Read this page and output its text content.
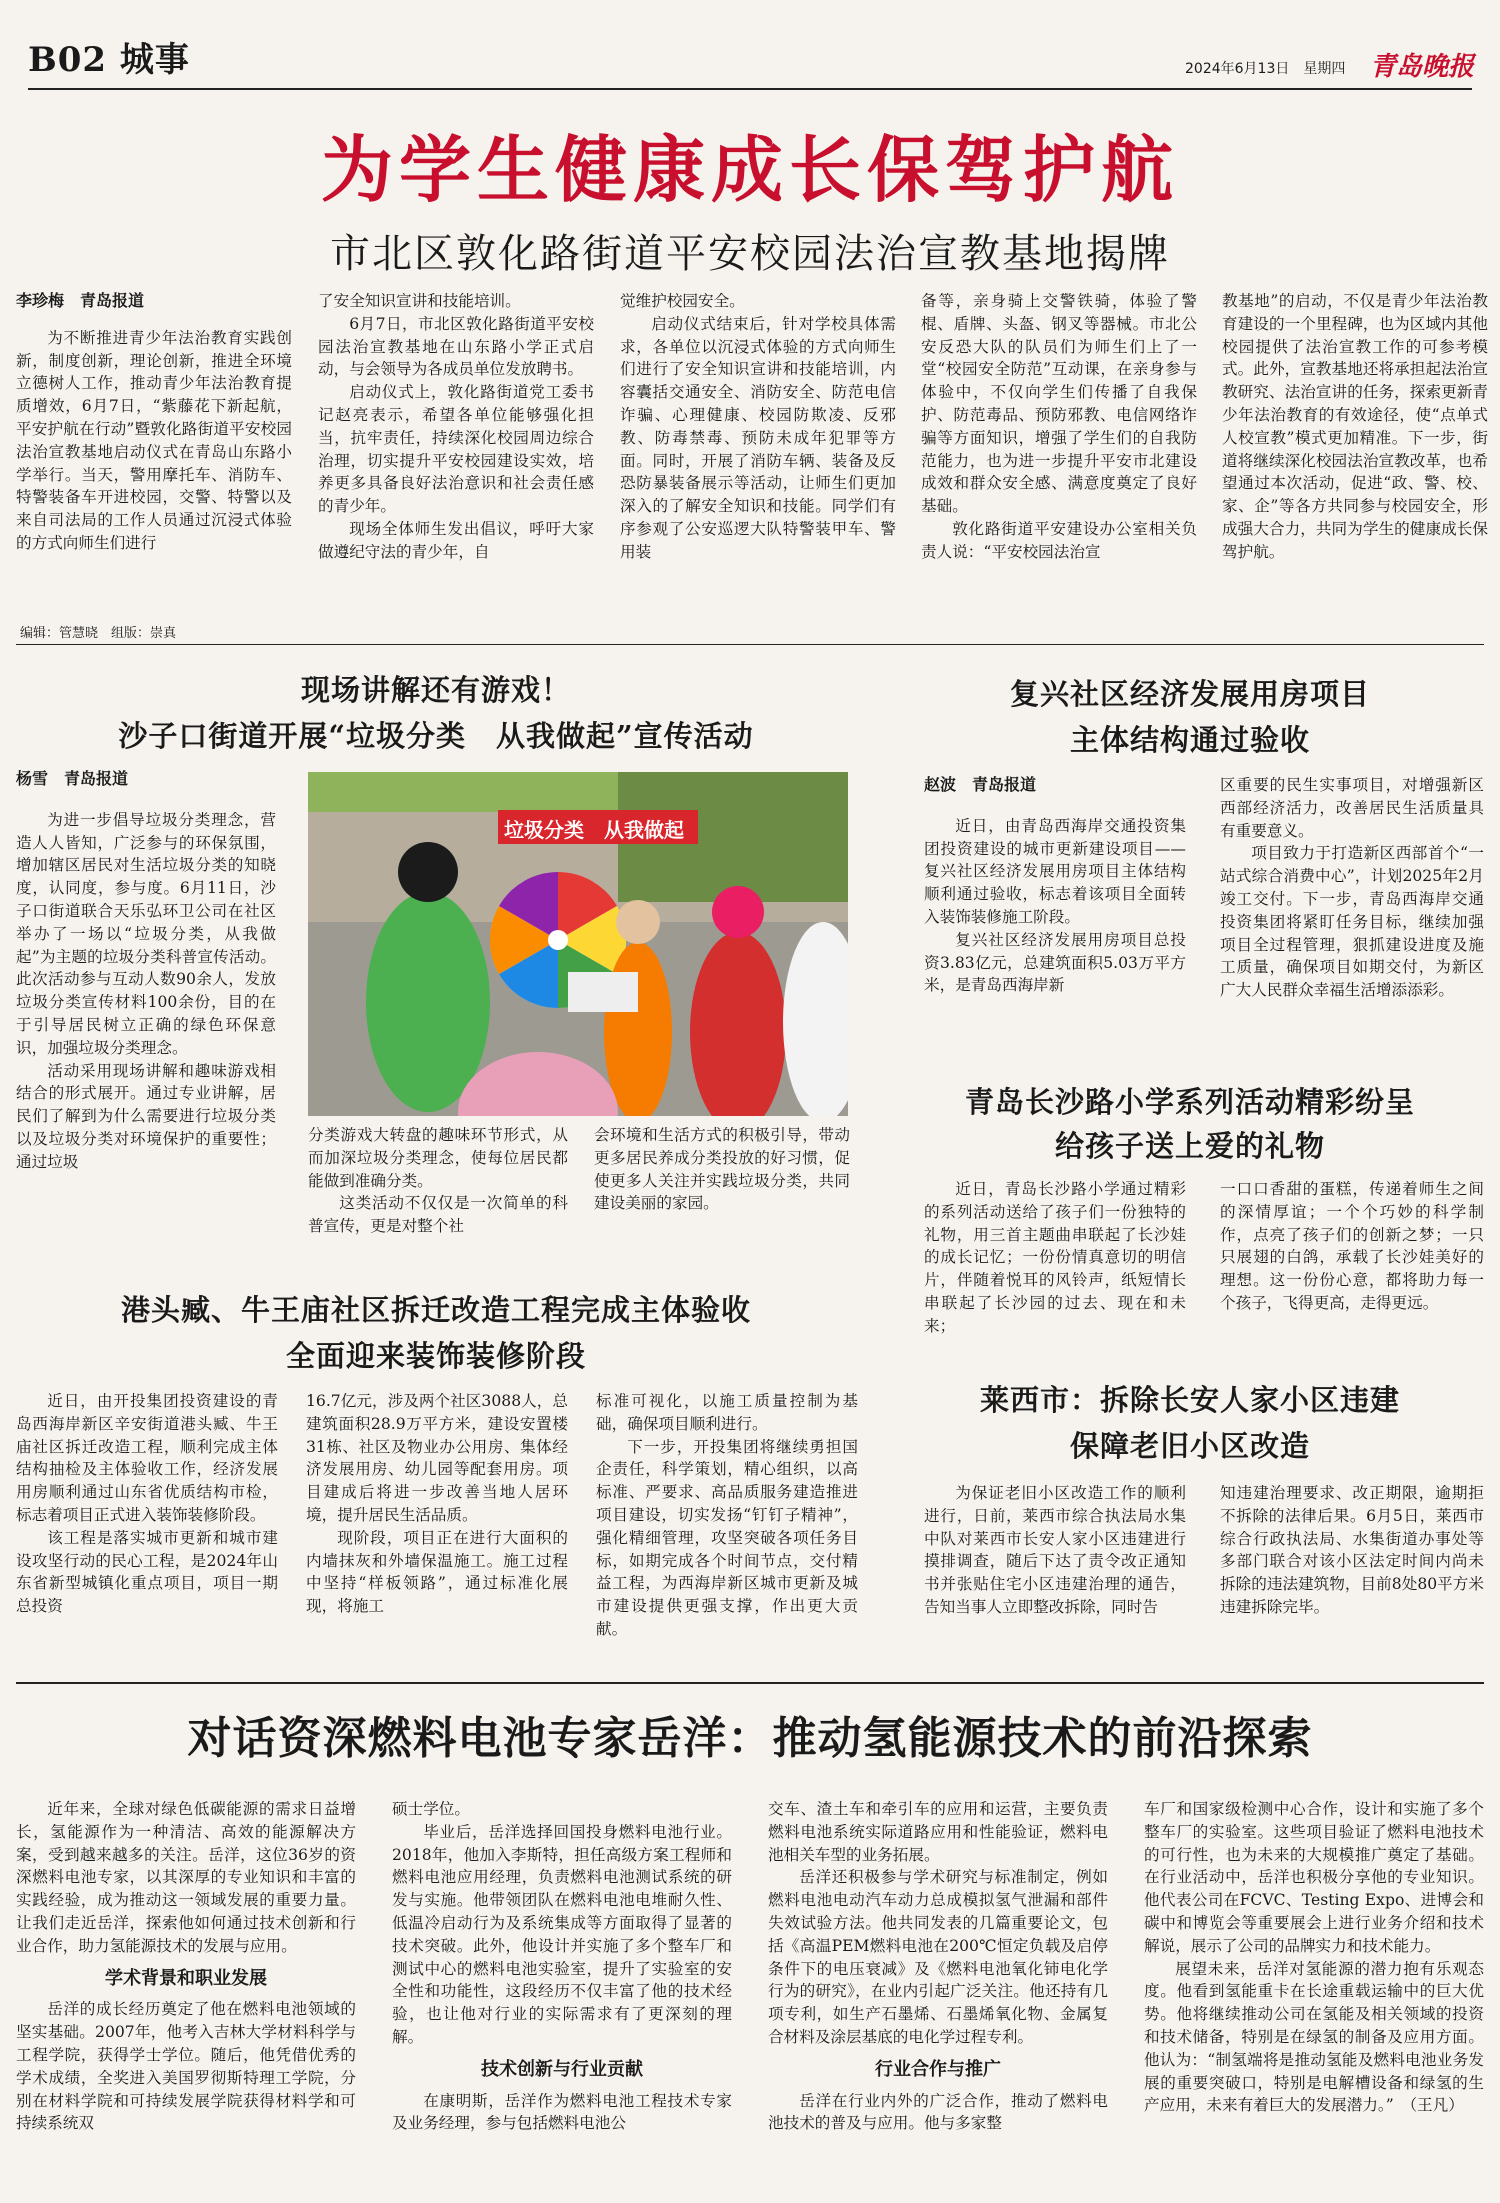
B02 城事	2024年6月13日　星期四 青岛晚报
为学生健康成长保驾护航
市北区敦化路街道平安校园法治宣教基地揭牌

李珍梅　青岛报道

为不断推进青少年法治教育实践创新，制度创新，理论创新，推进全环境立德树人工作，推动青少年法治教育提质增效，6月7日，“紫藤花下新起航，平安护航在行动”暨敦化路街道平安校园法治宣教基地启动仪式在青岛山东路小学举行。当天，警用摩托车、消防车、特警装备车开进校园，交警、特警以及来自司法局的工作人员通过沉浸式体验的方式向师生们进行

了安全知识宣讲和技能培训。

6月7日，市北区敦化路街道平安校园法治宣教基地在山东路小学正式启动，与会领导为各成员单位发放聘书。

启动仪式上，敦化路街道党工委书记赵亮表示，希望各单位能够强化担当，抗牢责任，持续深化校园周边综合治理，切实提升平安校园建设实效，培养更多具备良好法治意识和社会责任感的青少年。

现场全体师生发出倡议，呼吁大家做遵纪守法的青少年，自

觉维护校园安全。

启动仪式结束后，针对学校具体需求，各单位以沉浸式体验的方式向师生们进行了安全知识宣讲和技能培训，内容囊括交通安全、消防安全、防范电信诈骗、心理健康、校园防欺凌、反邪教、防毒禁毒、预防未成年犯罪等方面。同时，开展了消防车辆、装备及反恐防暴装备展示等活动，让师生们更加深入的了解安全知识和技能。同学们有序参观了公安巡逻大队特警装甲车、警用装

备等，亲身骑上交警铁骑，体验了警棍、盾牌、头盔、钢叉等器械。市北公安反恐大队的队员们为师生们上了一堂“校园安全防范”互动课，在亲身参与体验中，不仅向学生们传播了自我保护、防范毒品、预防邪教、电信网络诈骗等方面知识，增强了学生们的自我防范能力，也为进一步提升平安市北建设成效和群众安全感、满意度奠定了良好基础。

敦化路街道平安建设办公室相关负责人说：“平安校园法治宣

教基地”的启动，不仅是青少年法治教育建设的一个里程碑，也为区域内其他校园提供了法治宣教工作的可参考模式。此外，宣教基地还将承担起法治宣教研究、法治宣讲的任务，探索更新青少年法治教育的有效途径，使“点单式人校宣教”模式更加精准。下一步，街道将继续深化校园法治宣教改革，也希望通过本次活动，促进“政、警、校、家、企”等各方共同参与校园安全，形成强大合力，共同为学生的健康成长保驾护航。

编辑：管慧晓　组版：崇真
现场讲解还有游戏！
沙子口街道开展“垃圾分类　从我做起”宣传活动

杨雪　青岛报道

为进一步倡导垃圾分类理念，营造人人皆知，广泛参与的环保氛围，增加辖区居民对生活垃圾分类的知晓度，认同度，参与度。6月11日，沙子口街道联合天乐弘环卫公司在社区举办了一场以“垃圾分类，从我做起”为主题的垃圾分类科普宣传活动。此次活动参与互动人数90余人，发放垃圾分类宣传材料100余份，目的在于引导居民树立正确的绿色环保意识，加强垃圾分类理念。

活动采用现场讲解和趣味游戏相结合的形式展开。通过专业讲解，居民们了解到为什么需要进行垃圾分类以及垃圾分类对环境保护的重要性；通过垃圾

垃圾分类　从我做起

分类游戏大转盘的趣味环节形式，从而加深垃圾分类理念，使每位居民都能做到准确分类。

这类活动不仅仅是一次简单的科普宣传，更是对整个社

会环境和生活方式的积极引导，带动更多居民养成分类投放的好习惯，促使更多人关注并实践垃圾分类，共同建设美丽的家园。

复兴社区经济发展用房项目
主体结构通过验收

赵波　青岛报道

近日，由青岛西海岸交通投资集团投资建设的城市更新建设项目——复兴社区经济发展用房项目主体结构顺利通过验收，标志着该项目全面转入装饰装修施工阶段。

复兴社区经济发展用房项目总投资3.83亿元，总建筑面积5.03万平方米，是青岛西海岸新

区重要的民生实事项目，对增强新区西部经济活力，改善居民生活质量具有重要意义。

项目致力于打造新区西部首个“一站式综合消费中心”，计划2025年2月竣工交付。下一步，青岛西海岸交通投资集团将紧盯任务目标，继续加强项目全过程管理，狠抓建设进度及施工质量，确保项目如期交付，为新区广大人民群众幸福生活增添添彩。

青岛长沙路小学系列活动精彩纷呈
给孩子送上爱的礼物

近日，青岛长沙路小学通过精彩的系列活动送给了孩子们一份独特的礼物，用三首主题曲串联起了长沙娃的成长记忆；一份份情真意切的明信片，伴随着悦耳的风铃声，纸短情长串联起了长沙园的过去、现在和未来；

一口口香甜的蛋糕，传递着师生之间的深情厚谊；一个个巧妙的科学制作，点亮了孩子们的创新之梦；一只只展翅的白鸽，承载了长沙娃美好的理想。这一份份心意，都将助力每一个孩子，飞得更高，走得更远。

港头臧、牛王庙社区拆迁改造工程完成主体验收
全面迎来装饰装修阶段

近日，由开投集团投资建设的青岛西海岸新区辛安街道港头臧、牛王庙社区拆迁改造工程，顺利完成主体结构抽检及主体验收工作，经济发展用房顺利通过山东省优质结构市检，标志着项目正式进入装饰装修阶段。

该工程是落实城市更新和城市建设攻坚行动的民心工程，是2024年山东省新型城镇化重点项目，项目一期总投资

16.7亿元，涉及两个社区3088人，总建筑面积28.9万平方米，建设安置楼31栋、社区及物业办公用房、集体经济发展用房、幼儿园等配套用房。项目建成后将进一步改善当地人居环境，提升居民生活品质。

现阶段，项目正在进行大面积的内墙抹灰和外墙保温施工。施工过程中坚持“样板领路”，通过标准化展现，将施工

标准可视化，以施工质量控制为基础，确保项目顺利进行。

下一步，开投集团将继续勇担国企责任，科学策划，精心组织，以高标准、严要求、高品质服务建造推进项目建设，切实发扬“钉钉子精神”，强化精细管理，攻坚突破各项任务目标，如期完成各个时间节点，交付精益工程，为西海岸新区城市更新及城市建设提供更强支撑，作出更大贡献。

莱西市：拆除长安人家小区违建
保障老旧小区改造

为保证老旧小区改造工作的顺利进行，日前，莱西市综合执法局水集中队对莱西市长安人家小区违建进行摸排调查，随后下达了责令改正通知书并张贴住宅小区违建治理的通告，告知当事人立即整改拆除，同时告

知违建治理要求、改正期限，逾期拒不拆除的法律后果。6月5日，莱西市综合行政执法局、水集街道办事处等多部门联合对该小区法定时间内尚未拆除的违法建筑物，目前8处80平方米违建拆除完毕。

对话资深燃料电池专家岳洋：推动氢能源技术的前沿探索

近年来，全球对绿色低碳能源的需求日益增长，氢能源作为一种清洁、高效的能源解决方案，受到越来越多的关注。岳洋，这位36岁的资深燃料电池专家，以其深厚的专业知识和丰富的实践经验，成为推动这一领域发展的重要力量。让我们走近岳洋，探索他如何通过技术创新和行业合作，助力氢能源技术的发展与应用。

学术背景和职业发展

岳洋的成长经历奠定了他在燃料电池领域的坚实基础。2007年，他考入吉林大学材料科学与工程学院，获得学士学位。随后，他凭借优秀的学术成绩，全奖进入美国罗彻斯特理工学院，分别在材料学院和可持续发展学院获得材料学和可持续系统双

硕士学位。

毕业后，岳洋选择回国投身燃料电池行业。2018年，他加入李斯特，担任高级方案工程师和燃料电池应用经理，负责燃料电池测试系统的研发与实施。他带领团队在燃料电池电堆耐久性、低温冷启动行为及系统集成等方面取得了显著的技术突破。此外，他设计并实施了多个整车厂和测试中心的燃料电池实验室，提升了实验室的安全性和功能性，这段经历不仅丰富了他的技术经验，也让他对行业的实际需求有了更深刻的理解。

技术创新与行业贡献

在康明斯，岳洋作为燃料电池工程技术专家及业务经理，参与包括燃料电池公

交车、渣土车和牵引车的应用和运营，主要负责燃料电池系统实际道路应用和性能验证，燃料电池相关车型的业务拓展。

岳洋还积极参与学术研究与标准制定，例如燃料电池电动汽车动力总成模拟氢气泄漏和部件失效试验方法。他共同发表的几篇重要论文，包括《高温PEM燃料电池在200℃恒定负载及启停条件下的电压衰减》及《燃料电池氧化铈电化学行为的研究》，在业内引起广泛关注。他还持有几项专利，如生产石墨烯、石墨烯氧化物、金属复合材料及涂层基底的电化学过程专利。

行业合作与推广

岳洋在行业内外的广泛合作，推动了燃料电池技术的普及与应用。他与多家整

车厂和国家级检测中心合作，设计和实施了多个整车厂的实验室。这些项目验证了燃料电池技术的可行性，也为未来的大规模推广奠定了基础。在行业活动中，岳洋也积极分享他的专业知识。他代表公司在FCVC、Testing Expo、进博会和碳中和博览会等重要展会上进行业务介绍和技术解说，展示了公司的品牌实力和技术能力。

展望未来，岳洋对氢能源的潜力抱有乐观态度。他看到氢能重卡在长途重载运输中的巨大优势。他将继续推动公司在氢能及相关领域的投资和技术储备，特别是在绿氢的制备及应用方面。他认为：“制氢端将是推动氢能及燃料电池业务发展的重要突破口，特别是电解槽设备和绿氢的生产应用，未来有着巨大的发展潜力。”　（王凡）
